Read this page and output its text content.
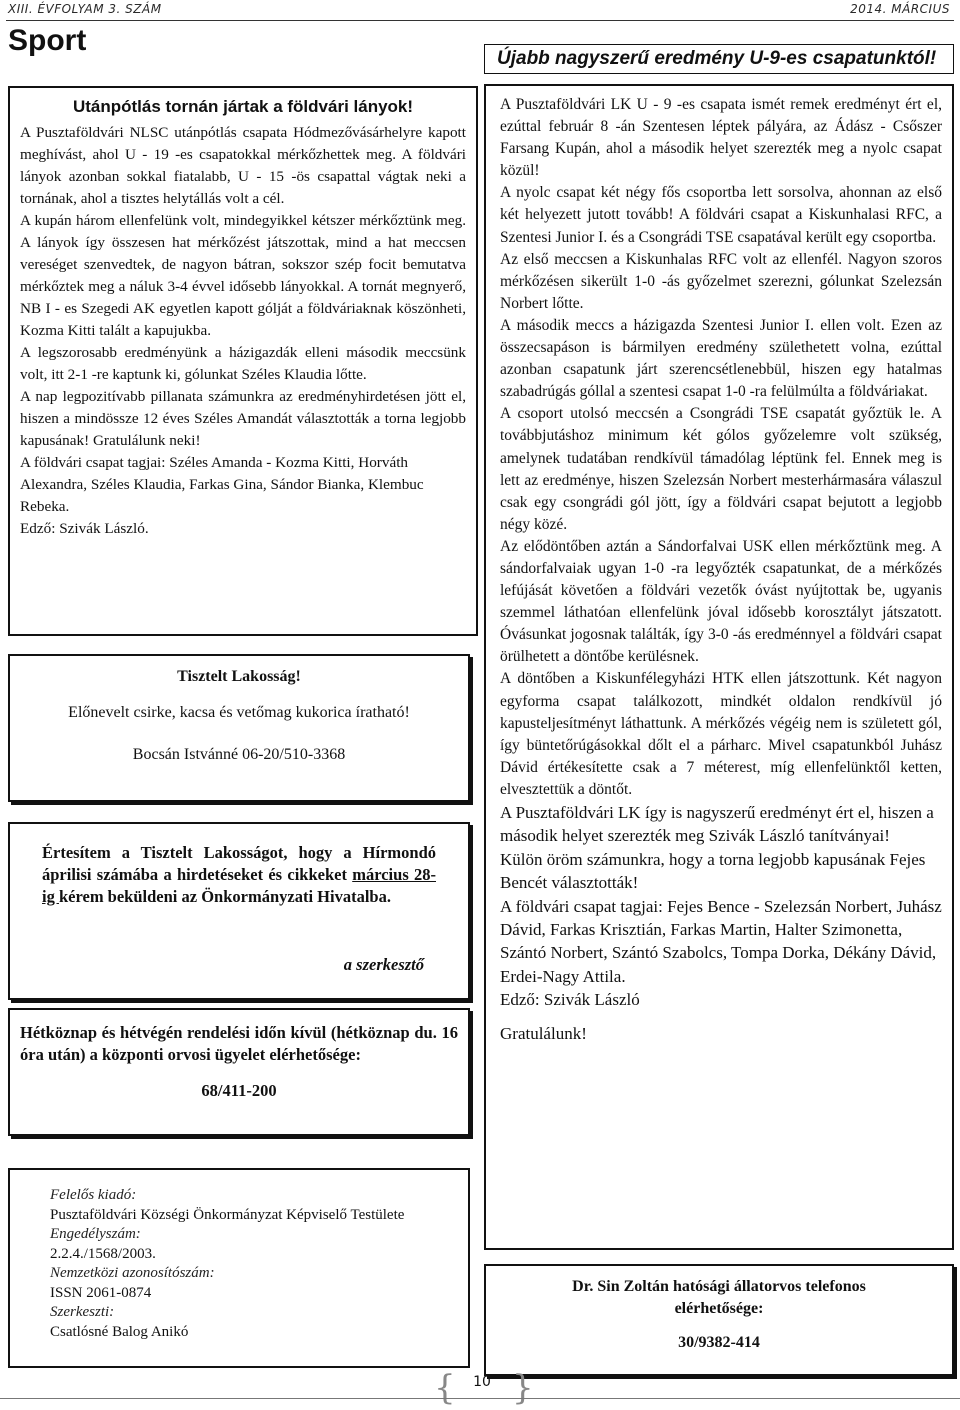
XIII. ÉVFOLYAM 3. SZÁM	2014. MÁRCIUS
Sport
Utánpótlás tornán jártak a földvári lányok!

A Pusztaföldvári NLSC utánpótlás csapata Hódmezővásárhelyre kapott meghívást, ahol U - 19 -es csapatokkal mérkőzhettek meg. A földvári lányok azonban sokkal fiatalabb, U - 15 -ös csapattal vágtak neki a tornának, ahol a tisztes helytállás volt a cél.

A kupán három ellenfelünk volt, mindegyikkel kétszer mérkőztünk meg. A lányok így összesen hat mérkőzést játszottak, mind a hat meccsen vereséget szenvedtek, de nagyon bátran, sokszor szép focit bemutatva mérkőztek meg a náluk 3-4 évvel idősebb lányokkal. A tornát megnyerő, NB I - es Szegedi AK egyetlen kapott gólját a földváriaknak köszönheti, Kozma Kitti talált a kapujukba.

A legszorosabb eredményünk a házigazdák elleni második meccsünk volt, itt 2-1 -re kaptunk ki, gólunkat Széles Klaudia lőtte.

A nap legpozitívabb pillanata számunkra az eredményhirdetésen jött el, hiszen a mindössze 12 éves Széles Amandát választották a torna legjobb kapusának! Gratulálunk neki!

A földvári csapat tagjai: Széles Amanda - Kozma Kitti, Horváth Alexandra, Széles Klaudia, Farkas Gina, Sándor Bianka, Klembuc Rebeka.

Edző: Szivák László.

Tisztelt Lakosság!
Előnevelt csirke, kacsa és vetőmag kukorica íratható!
Bocsán Istvánné 06-20/510-3368

Értesítem a Tisztelt Lakosságot, hogy a Hírmondó áprilisi számába a hirdetéseket és cikkeket március 28-ig kérem beküldeni az Önkormányzati Hivatalba.

a szerkesztő

Hétköznap és hétvégén rendelési időn kívül (hétköznap du. 16 óra után) a központi orvosi ügyelet elérhetősége:

68/411-200
Felelős kiadó:
Pusztaföldvári Községi Önkormányzat Képviselő Testülete
Engedélyszám:
2.2.4./1568/2003.
Nemzetközi azonosítószám:
ISSN 2061-0874
Szerkeszti:
Csatlósné Balog Anikó
Újabb nagyszerű eredmény U-9-es csapatunktól!

A Pusztaföldvári LK U - 9 -es csapata ismét remek eredményt ért el, ezúttal február 8 -án Szentesen léptek pályára, az Ádász - Csőszer Farsang Kupán, ahol a második helyet szerezték meg a nyolc csapat közül!

A nyolc csapat két négy fős csoportba lett sorsolva, ahonnan az első két helyezett jutott tovább! A földvári csapat a Kiskunhalasi RFC, a Szentesi Junior I. és a Csongrádi TSE csapatával került egy csoportba.

Az első meccsen a Kiskunhalas RFC volt az ellenfél. Nagyon szoros mérkőzésen sikerült 1-0 -ás győzelmet szerezni, gólunkat Szelezsán Norbert lőtte.

A második meccs a házigazda Szentesi Junior I. ellen volt. Ezen az összecsapáson is bármilyen eredmény születhetett volna, ezúttal azonban csapatunk járt szerencsétlenebbül, hiszen egy hatalmas szabadrúgás góllal a szentesi csapat 1-0 -ra felülmúlta a földváriakat.

A csoport utolsó meccsén a Csongrádi TSE csapatát győztük le. A továbbjutáshoz minimum két gólos győzelemre volt szükség, amelynek tudatában rendkívül támadólag léptünk fel. Ennek meg is lett az eredménye, hiszen Szelezsán Norbert mesterhármasára válaszul csak egy csongrádi gól jött, így a földvári csapat bejutott a legjobb négy közé.

Az elődöntőben aztán a Sándorfalvai USK ellen mérkőztünk meg. A sándorfalvaiak ugyan 1-0 -ra legyőzték csapatunkat, de a mérkőzés lefújását követően a földvári vezetők óvást nyújtottak be, ugyanis szemmel láthatóan ellenfelünk jóval idősebb korosztályt játszatott. Óvásunkat jogosnak találták, így 3-0 -ás eredménnyel a földvári csapat örülhetett a döntőbe kerülésnek.

A döntőben a Kiskunfélegyházi HTK ellen játszottunk. Két nagyon egyforma csapat találkozott, mindkét oldalon rendkívül jó kapusteljesítményt láthattunk. A mérkőzés végéig nem is született gól, így büntetőrúgásokkal dőlt el a párharc. Mivel csapatunkból Juhász Dávid értékesítette csak a 7 méterest, míg ellenfelünktől ketten, elvesztettük a döntőt.

A Pusztaföldvári LK így is nagyszerű eredményt ért el, hiszen a második helyet szerezték meg Szivák László tanítványai!

Külön öröm számunkra, hogy a torna legjobb kapusának Fejes Bencét választották!

A földvári csapat tagjai: Fejes Bence - Szelezsán Norbert, Juhász Dávid, Farkas Krisztián, Farkas Martin, Halter Szimonetta, Szántó Norbert, Szántó Szabolcs, Tompa Dorka, Dékány Dávid, Erdei-Nagy Attila.

Edző: Szivák László

Gratulálunk!

Dr. Sin Zoltán hatósági állatorvos telefonos elérhetősége:
30/9382-414
{	10 }
